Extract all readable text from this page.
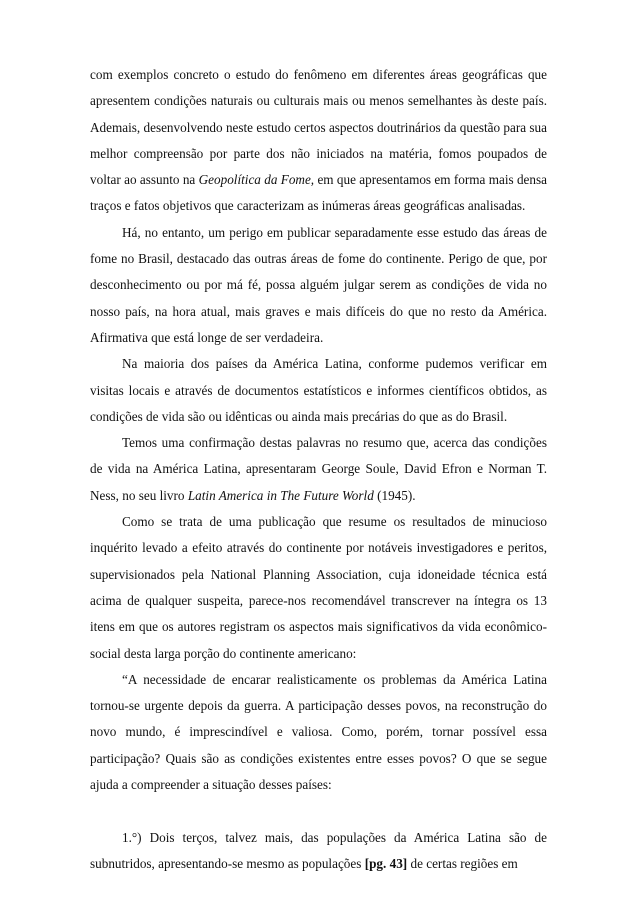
com exemplos concreto o estudo do fenômeno em diferentes áreas geográficas que apresentem condições naturais ou culturais mais ou menos semelhantes às deste país. Ademais, desenvolvendo neste estudo certos aspectos doutrinários da questão para sua melhor compreensão por parte dos não iniciados na matéria, fomos poupados de voltar ao assunto na Geopolítica da Fome, em que apresentamos em forma mais densa traços e fatos objetivos que caracterizam as inúmeras áreas geográficas analisadas.

Há, no entanto, um perigo em publicar separadamente esse estudo das áreas de fome no Brasil, destacado das outras áreas de fome do continente. Perigo de que, por desconhecimento ou por má fé, possa alguém julgar serem as condições de vida no nosso país, na hora atual, mais graves e mais difíceis do que no resto da América. Afirmativa que está longe de ser verdadeira.

Na maioria dos países da América Latina, conforme pudemos verificar em visitas locais e através de documentos estatísticos e informes científicos obtidos, as condições de vida são ou idênticas ou ainda mais precárias do que as do Brasil.

Temos uma confirmação destas palavras no resumo que, acerca das condições de vida na América Latina, apresentaram George Soule, David Efron e Norman T. Ness, no seu livro Latin America in The Future World (1945).

Como se trata de uma publicação que resume os resultados de minucioso inquérito levado a efeito através do continente por notáveis investigadores e peritos, supervisionados pela National Planning Association, cuja idoneidade técnica está acima de qualquer suspeita, parece-nos recomendável transcrever na íntegra os 13 itens em que os autores registram os aspectos mais significativos da vida econômico-social desta larga porção do continente americano:

“A necessidade de encarar realisticamente os problemas da América Latina tornou-se urgente depois da guerra. A participação desses povos, na reconstrução do novo mundo, é imprescindível e valiosa. Como, porém, tornar possível essa participação? Quais são as condições existentes entre esses povos? O que se segue ajuda a compreender a situação desses países:

1.°) Dois terços, talvez mais, das populações da América Latina são de subnutridos, apresentando-se mesmo as populações [pg. 43] de certas regiões em
